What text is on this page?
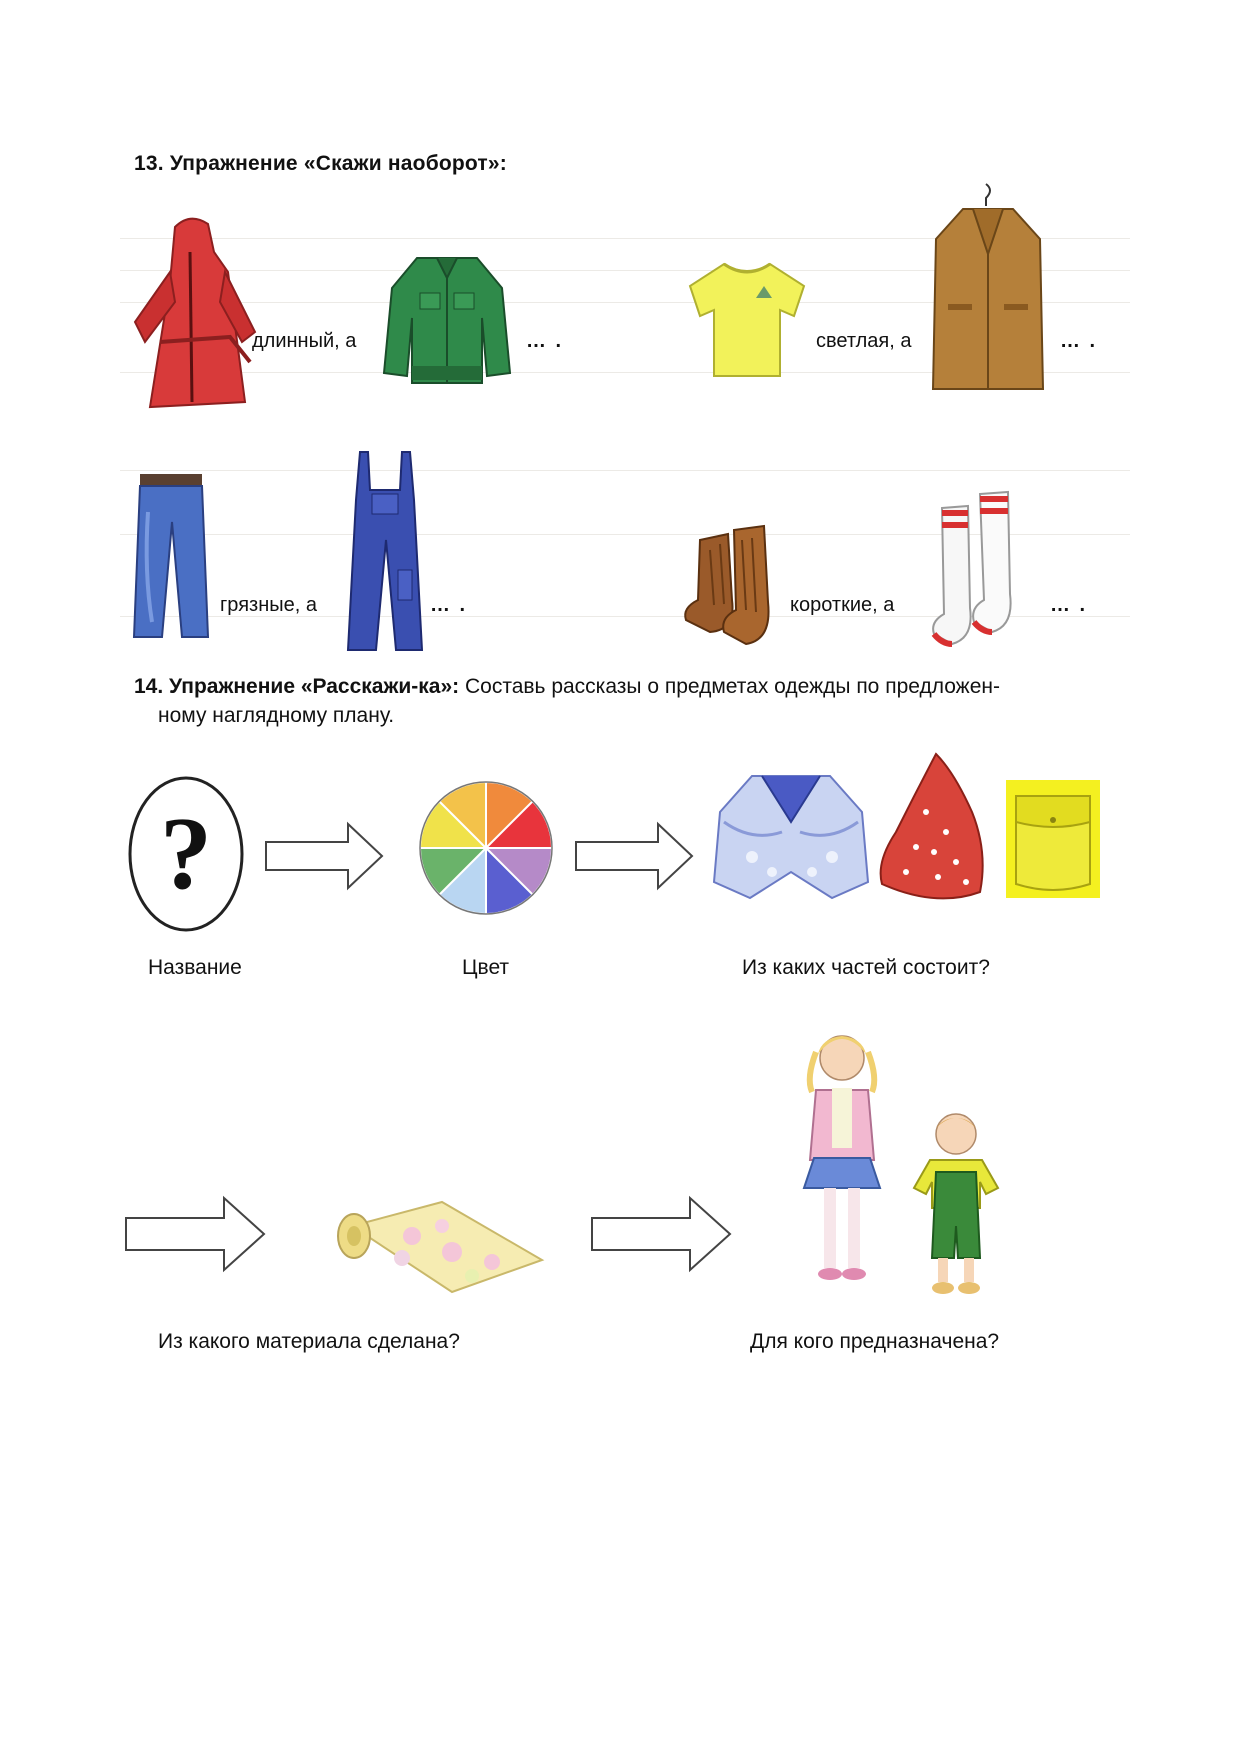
13. Упражнение «Скажи наоборот»:
длинный, а	… .	светлая, а	… .
грязные, а	… .	короткие, а	… .
14. Упражнение «Расскажи-ка»: Составь рассказы о предметах одежды по предложен-
ному наглядному плану.
?
Название	Цвет	Из каких частей состоит?
Из какого материала сделана?	Для кого предназначена?
